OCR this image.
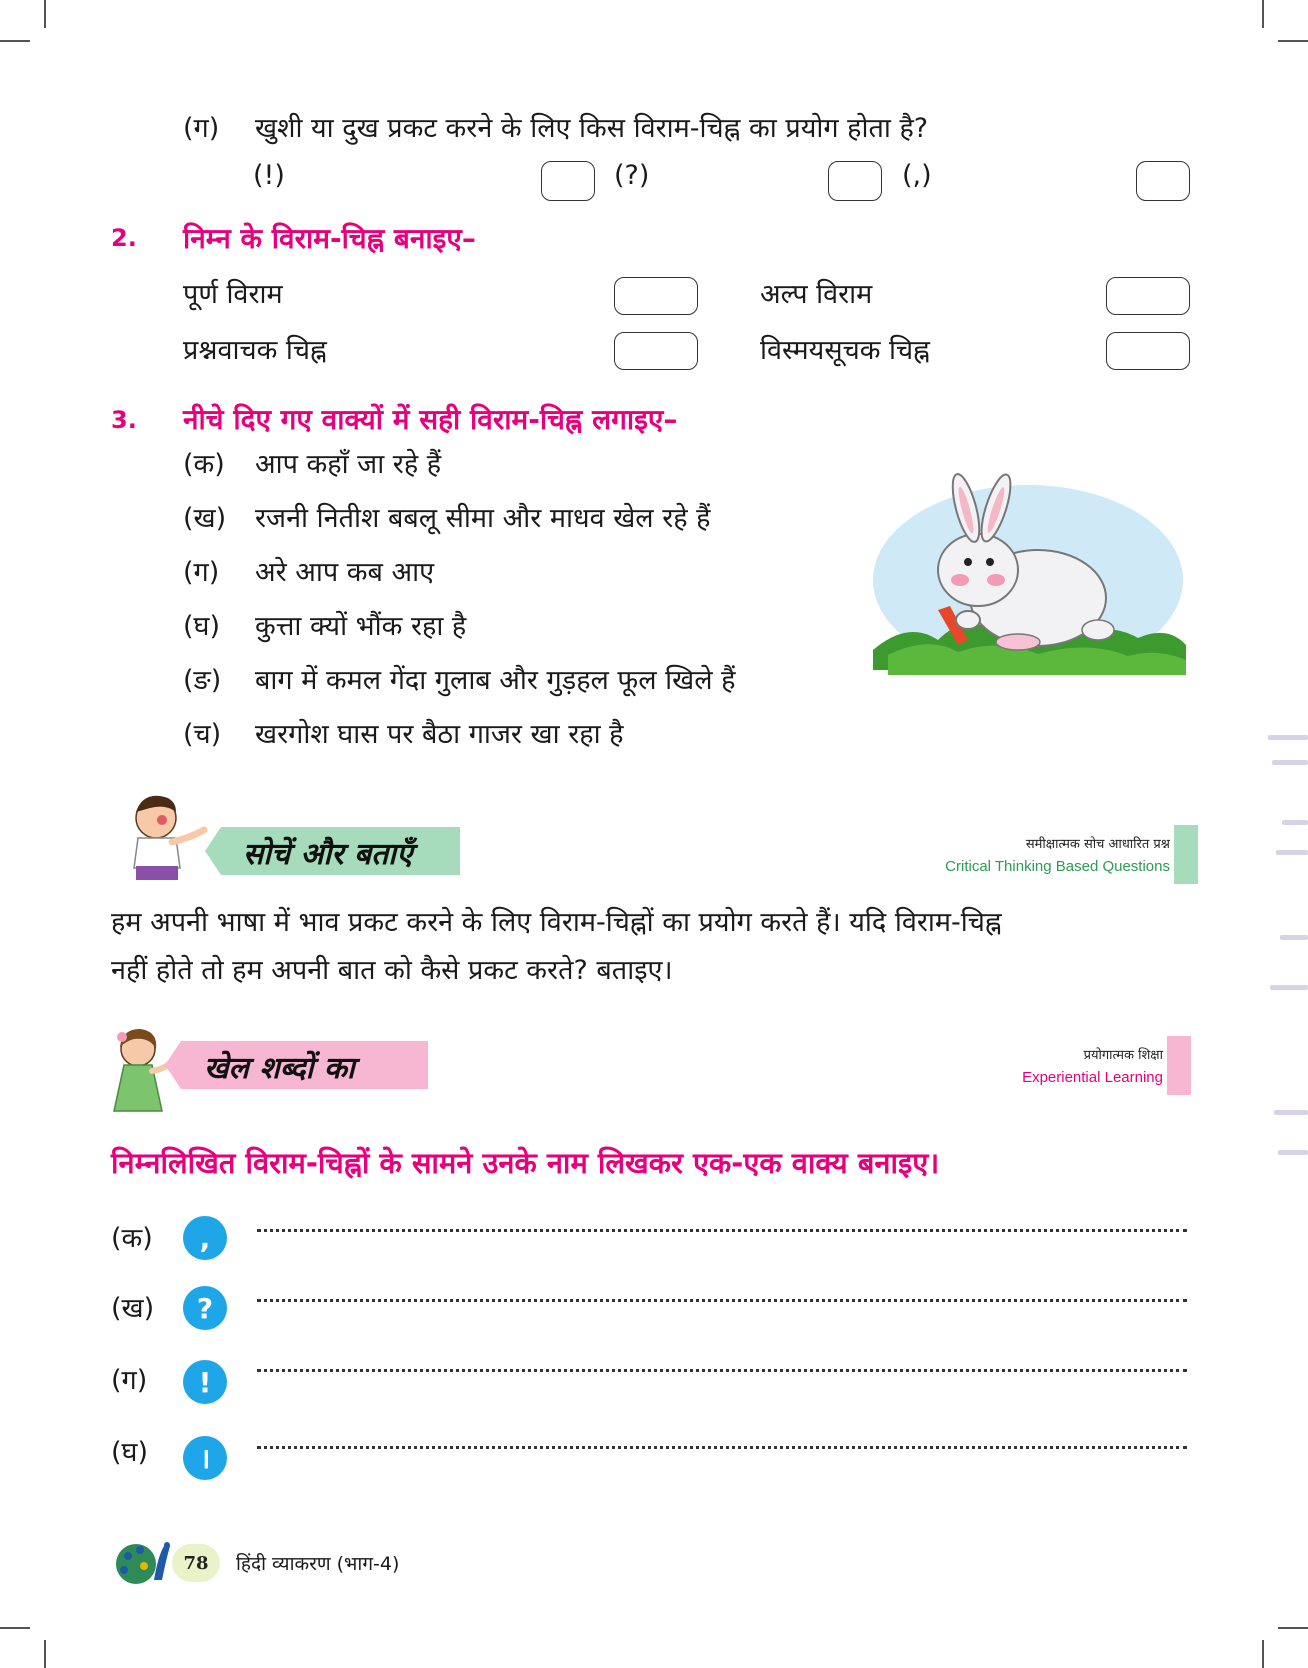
(ग) खुशी या दुख प्रकट करने के लिए किस विराम-चिह्न का प्रयोग होता है?
(!)	(?)	(,)
2. निम्न के विराम-चिह्न बनाइए–
पूर्ण विराम	अल्प विराम
प्रश्नवाचक चिह्न	विस्मयसूचक चिह्न
3. नीचे दिए गए वाक्यों में सही विराम-चिह्न लगाइए–
(क) आप कहाँ जा रहे हैं
(ख) रजनी नितीश बबलू सीमा और माधव खेल रहे हैं
(ग) अरे आप कब आए
(घ) कुत्ता क्यों भौंक रहा है
(ङ) बाग में कमल गेंदा गुलाब और गुड़हल फूल खिले हैं
(च) खरगोश घास पर बैठा गाजर खा रहा है
सोचें और बताएँ	समीक्षात्मक सोच आधारित प्रश्न
Critical Thinking Based Questions
हम अपनी भाषा में भाव प्रकट करने के लिए विराम-चिह्नों का प्रयोग करते हैं। यदि विराम-चिह्न
नहीं होते तो हम अपनी बात को कैसे प्रकट करते? बताइए।
खेल शब्दों का	प्रयोगात्मक शिक्षा
Experiential Learning
निम्नलिखित विराम-चिह्नों के सामने उनके नाम लिखकर एक-एक वाक्य बनाइए।
(क)	,
(ख)	?
(ग)	!
(घ)	।
78 हिंदी व्याकरण (भाग-4)
